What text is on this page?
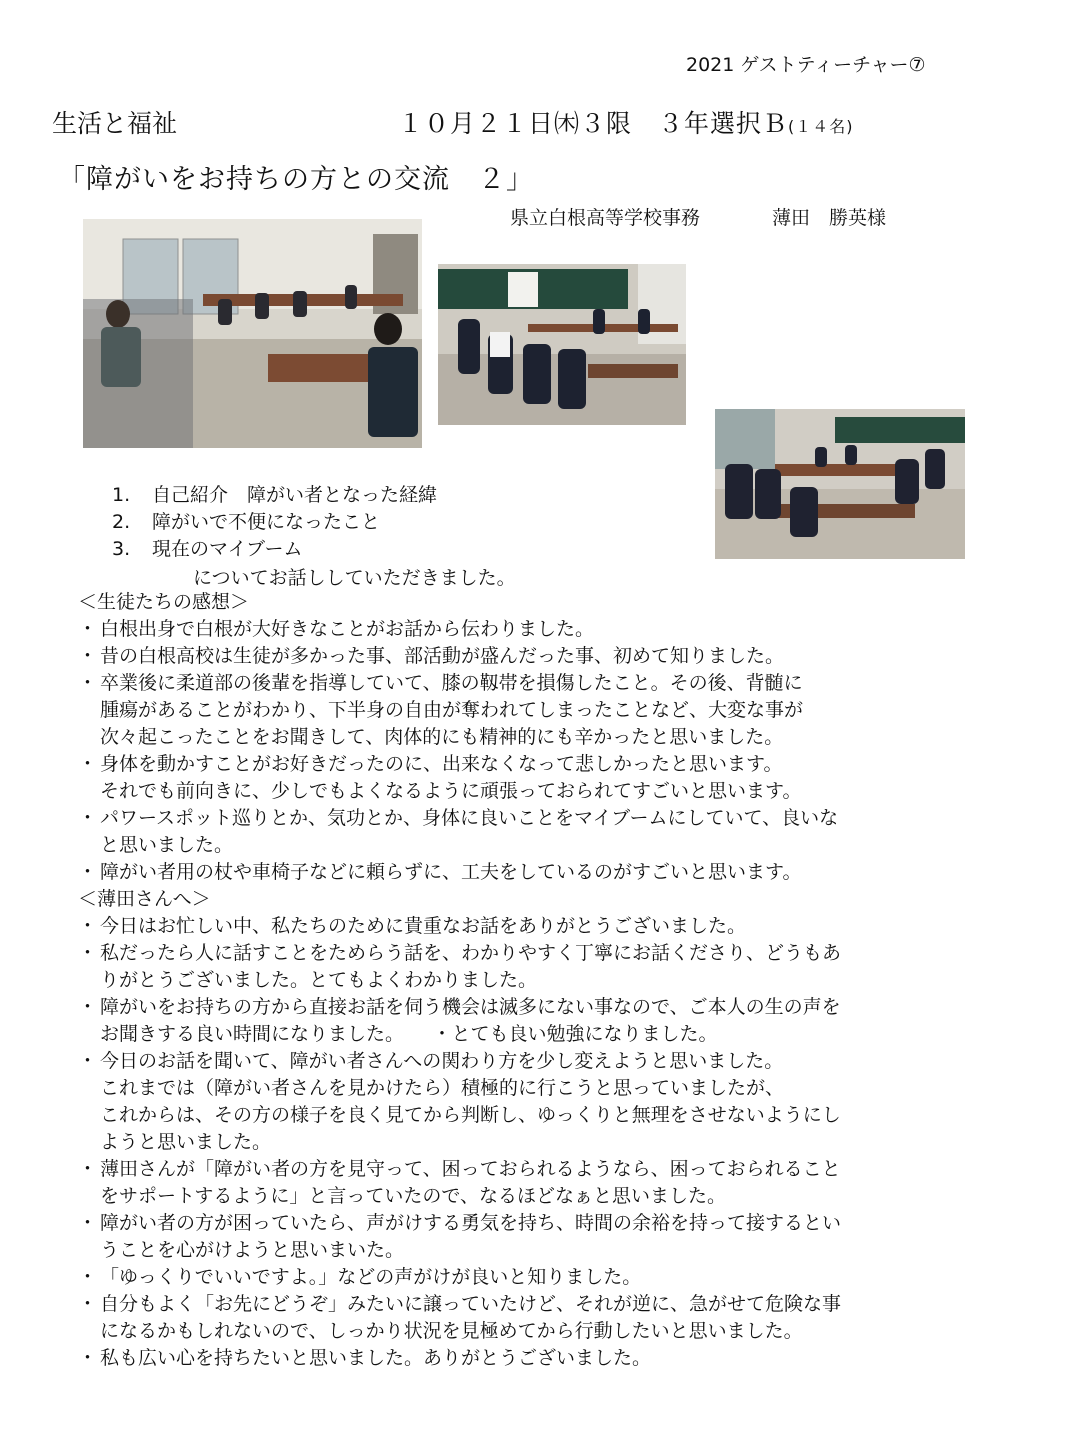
2021 ゲストティーチャー⑦
生活と福祉	１０月２１日㈭３限　３年選択Ｂ(１４名)
「障がいをお持ちの方との交流　２」
県立白根高等学校事務	薄田　勝英様
1. 自己紹介　障がい者となった経緯
2. 障がいで不便になったこと
3. 現在のマイブーム
についてお話ししていただきました。
＜生徒たちの感想＞
・ 白根出身で白根が大好きなことがお話から伝わりました。
・ 昔の白根高校は生徒が多かった事、部活動が盛んだった事、初めて知りました。
・ 卒業後に柔道部の後輩を指導していて、膝の靱帯を損傷したこと。その後、背髄に
腫瘍があることがわかり、下半身の自由が奪われてしまったことなど、大変な事が
次々起こったことをお聞きして、肉体的にも精神的にも辛かったと思いました。
・ 身体を動かすことがお好きだったのに、出来なくなって悲しかったと思います。
それでも前向きに、少しでもよくなるように頑張っておられてすごいと思います。
・ パワースポット巡りとか、気功とか、身体に良いことをマイブームにしていて、良いな
と思いました。
・ 障がい者用の杖や車椅子などに頼らずに、工夫をしているのがすごいと思います。
＜薄田さんへ＞
・ 今日はお忙しい中、私たちのために貴重なお話をありがとうございました。
・ 私だったら人に話すことをためらう話を、わかりやすく丁寧にお話くださり、どうもあ
りがとうございました。とてもよくわかりました。
・ 障がいをお持ちの方から直接お話を伺う機会は滅多にない事なので、ご本人の生の声を
お聞きする良い時間になりました。　　・とても良い勉強になりました。
・ 今日のお話を聞いて、障がい者さんへの関わり方を少し変えようと思いました。
これまでは（障がい者さんを見かけたら）積極的に行こうと思っていましたが、
これからは、その方の様子を良く見てから判断し、ゆっくりと無理をさせないようにし
ようと思いました。
・ 薄田さんが「障がい者の方を見守って、困っておられるようなら、困っておられること
をサポートするように」と言っていたので、なるほどなぁと思いました。
・ 障がい者の方が困っていたら、声がけする勇気を持ち、時間の余裕を持って接するとい
うことを心がけようと思いまいた。
・ 「ゆっくりでいいですよ。」などの声がけが良いと知りました。
・ 自分もよく「お先にどうぞ」みたいに譲っていたけど、それが逆に、急がせて危険な事
になるかもしれないので、しっかり状況を見極めてから行動したいと思いました。
・ 私も広い心を持ちたいと思いました。ありがとうございました。
